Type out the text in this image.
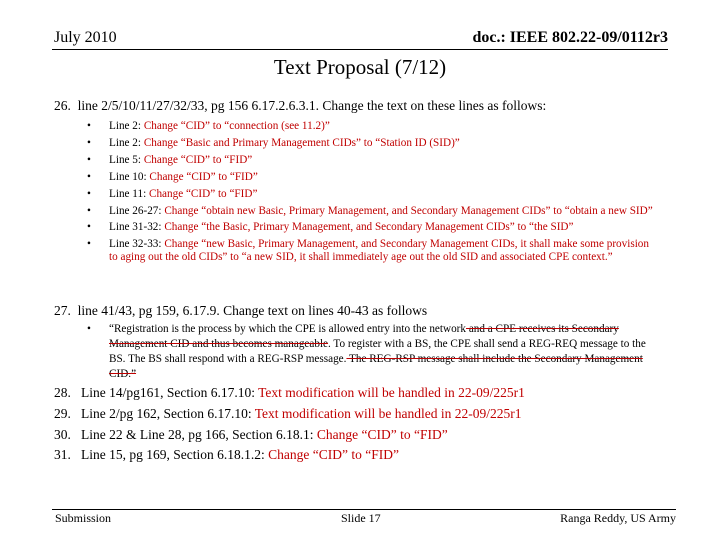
July 2010	doc.: IEEE 802.22-09/0112r3
Text Proposal (7/12)
26. line 2/5/10/11/27/32/33, pg 156 6.17.2.6.3.1. Change the text on these lines as follows:
• Line 2: Change “CID” to “connection (see 11.2)”
• Line 2: Change “Basic and Primary Management CIDs” to “Station ID (SID)”
• Line 5: Change “CID” to “FID”
• Line 10: Change “CID” to “FID”
• Line 11: Change “CID” to “FID”
• Line 26-27: Change “obtain new Basic, Primary Management, and Secondary Management CIDs” to “obtain a new SID”
• Line 31-32: Change “the Basic, Primary Management, and Secondary Management CIDs” to “the SID”
• Line 32-33: Change “new Basic, Primary Management, and Secondary Management CIDs, it shall make some provision to aging out the old CIDs” to “a new SID, it shall immediately age out the old SID and associated CPE context.”
27. line 41/43, pg 159, 6.17.9. Change text on lines 40-43 as follows
• “Registration is the process by which the CPE is allowed entry into the network and a CPE receives its Secondary Management CID and thus becomes manageable. To register with a BS, the CPE shall send a REG-REQ message to the BS. The BS shall respond with a REG-RSP message. The REG-RSP message shall include the Secondary Management CID.”
28. Line 14/pg161, Section 6.17.10: Text modification will be handled in 22-09/225r1
29. Line 2/pg 162, Section 6.17.10: Text modification will be handled in 22-09/225r1
30. Line 22 & Line 28, pg 166, Section 6.18.1: Change “CID” to “FID”
31. Line 15, pg 169, Section 6.18.1.2: Change “CID” to “FID”
Submission	Slide 17	Ranga Reddy, US Army
